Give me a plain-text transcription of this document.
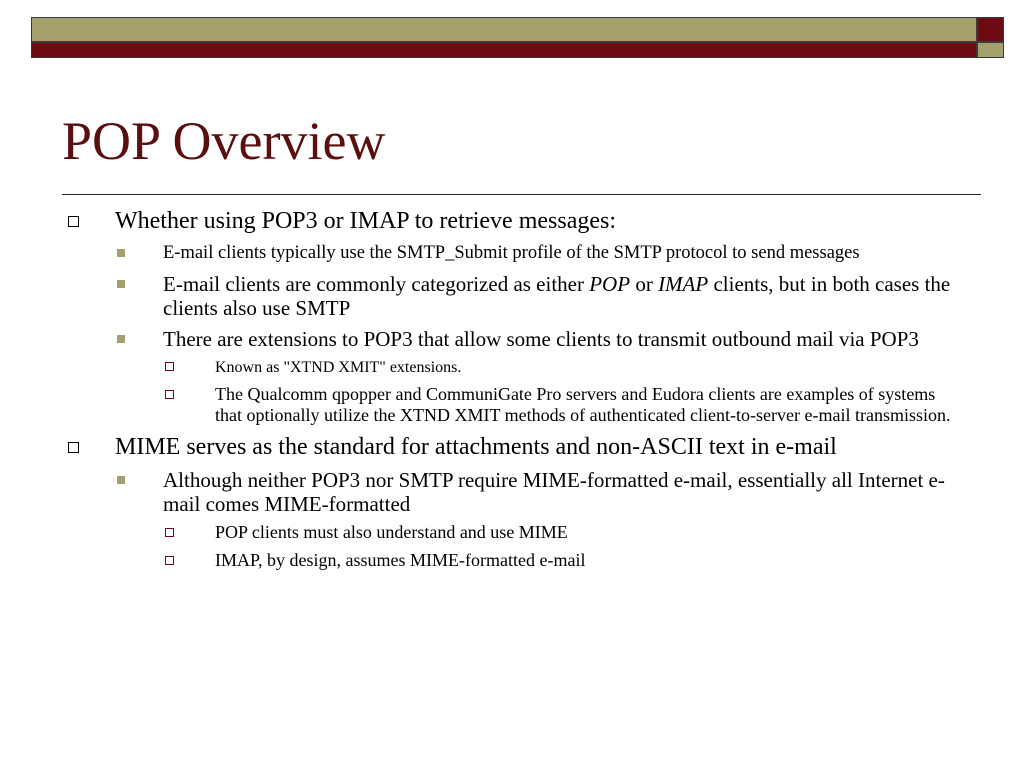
POP Overview
Whether using POP3 or IMAP to retrieve messages:
E-mail clients typically use the SMTP_Submit profile of the SMTP protocol to send messages
E-mail clients are commonly categorized as either POP or IMAP clients, but in both cases the clients also use SMTP
There are extensions to POP3 that allow some clients to transmit outbound mail via POP3
Known as "XTND XMIT" extensions.
The Qualcomm qpopper and CommuniGate Pro servers and Eudora clients are examples of systems that optionally utilize the XTND XMIT methods of authenticated client-to-server e-mail transmission.
MIME serves as the standard for attachments and non-ASCII text in e-mail
Although neither POP3 nor SMTP require MIME-formatted e-mail, essentially all Internet e-mail comes MIME-formatted
POP clients must also understand and use MIME
IMAP, by design, assumes MIME-formatted e-mail
